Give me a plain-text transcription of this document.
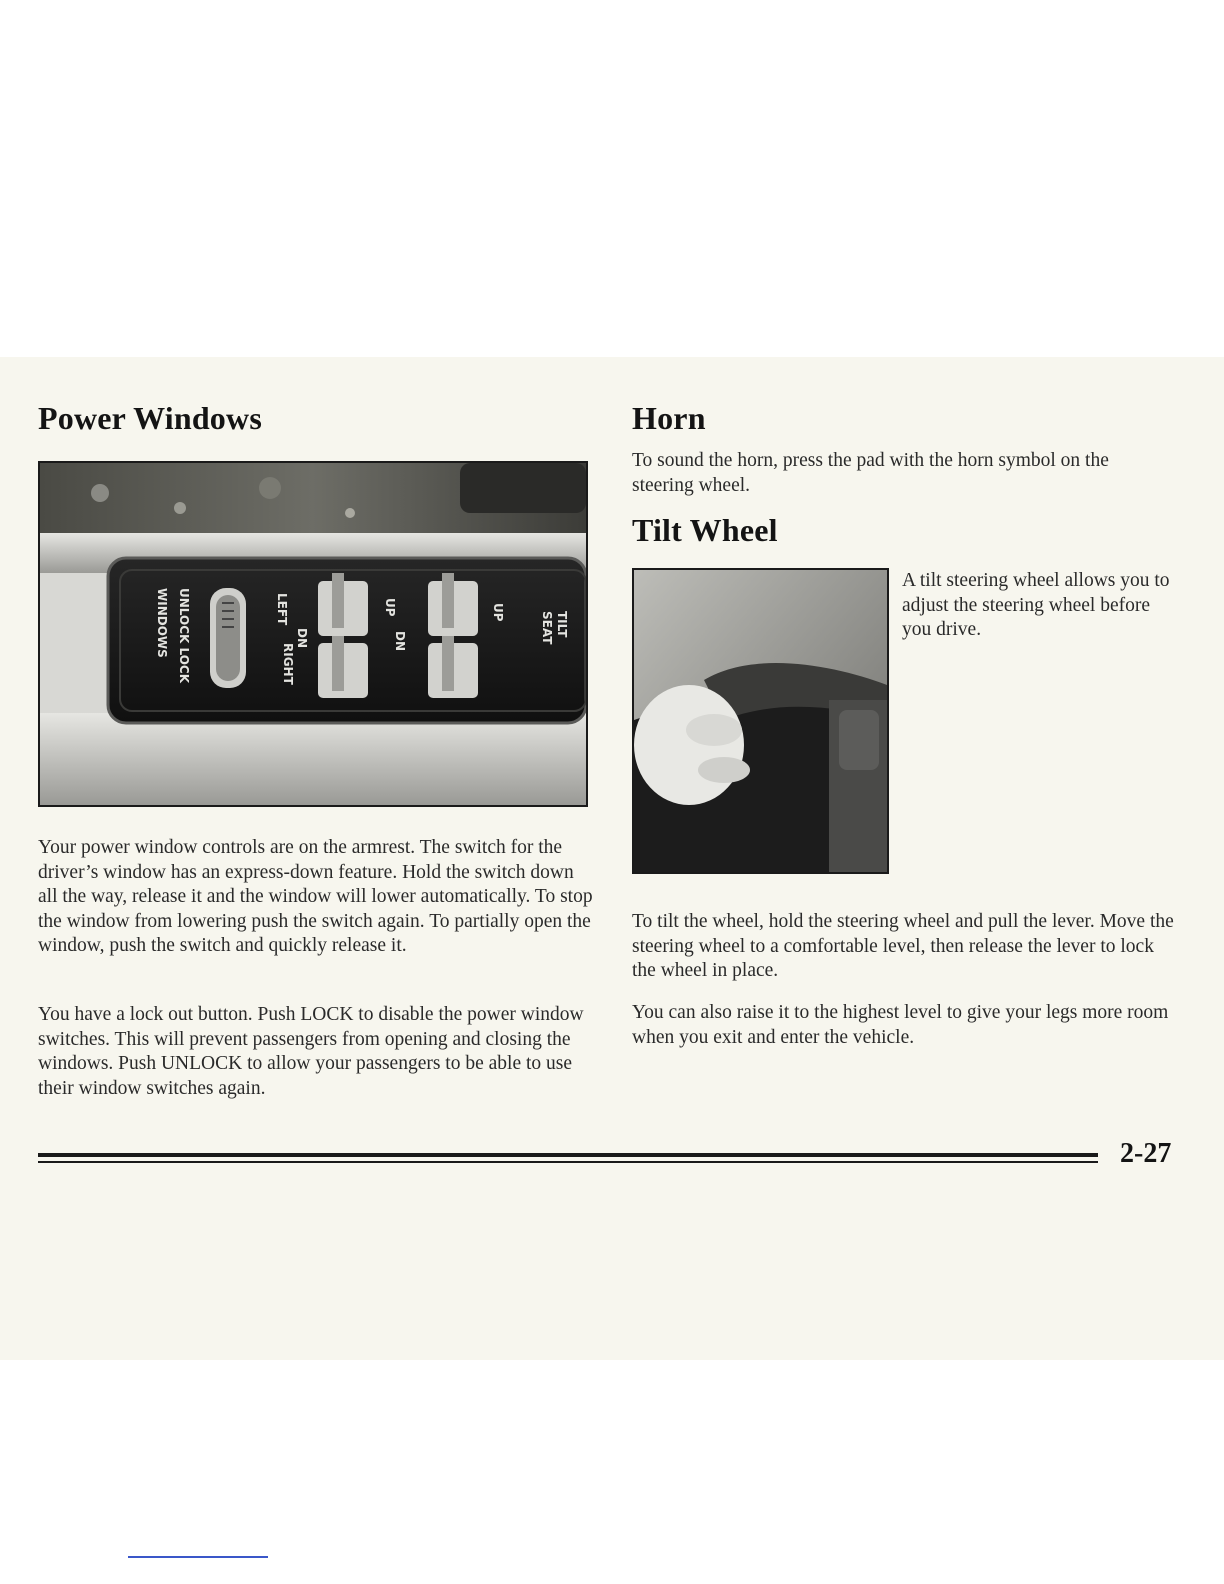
Power Windows
WINDOWS UNLOCK LOCK	LEFT
DN
UP
RIGHT
DN
UP	TILT
SEAT

Your power window controls are on the armrest. The switch for the driver’s window has an express-down feature. Hold the switch down all the way, release it and the window will lower automatically. To stop the window from lowering push the switch again. To partially open the window, push the switch and quickly release it.

You have a lock out button. Push LOCK to disable the power window switches. This will prevent passengers from opening and closing the windows. Push UNLOCK to allow your passengers to be able to use their window switches again.

Horn

To sound the horn, press the pad with the horn symbol on the steering wheel.

Tilt Wheel

A tilt steering wheel allows you to adjust the steering wheel before you drive.

To tilt the wheel, hold the steering wheel and pull the lever. Move the steering wheel to a comfortable level, then release the lever to lock the wheel in place.

You can also raise it to the highest level to give your legs more room when you exit and enter the vehicle.

2-27
